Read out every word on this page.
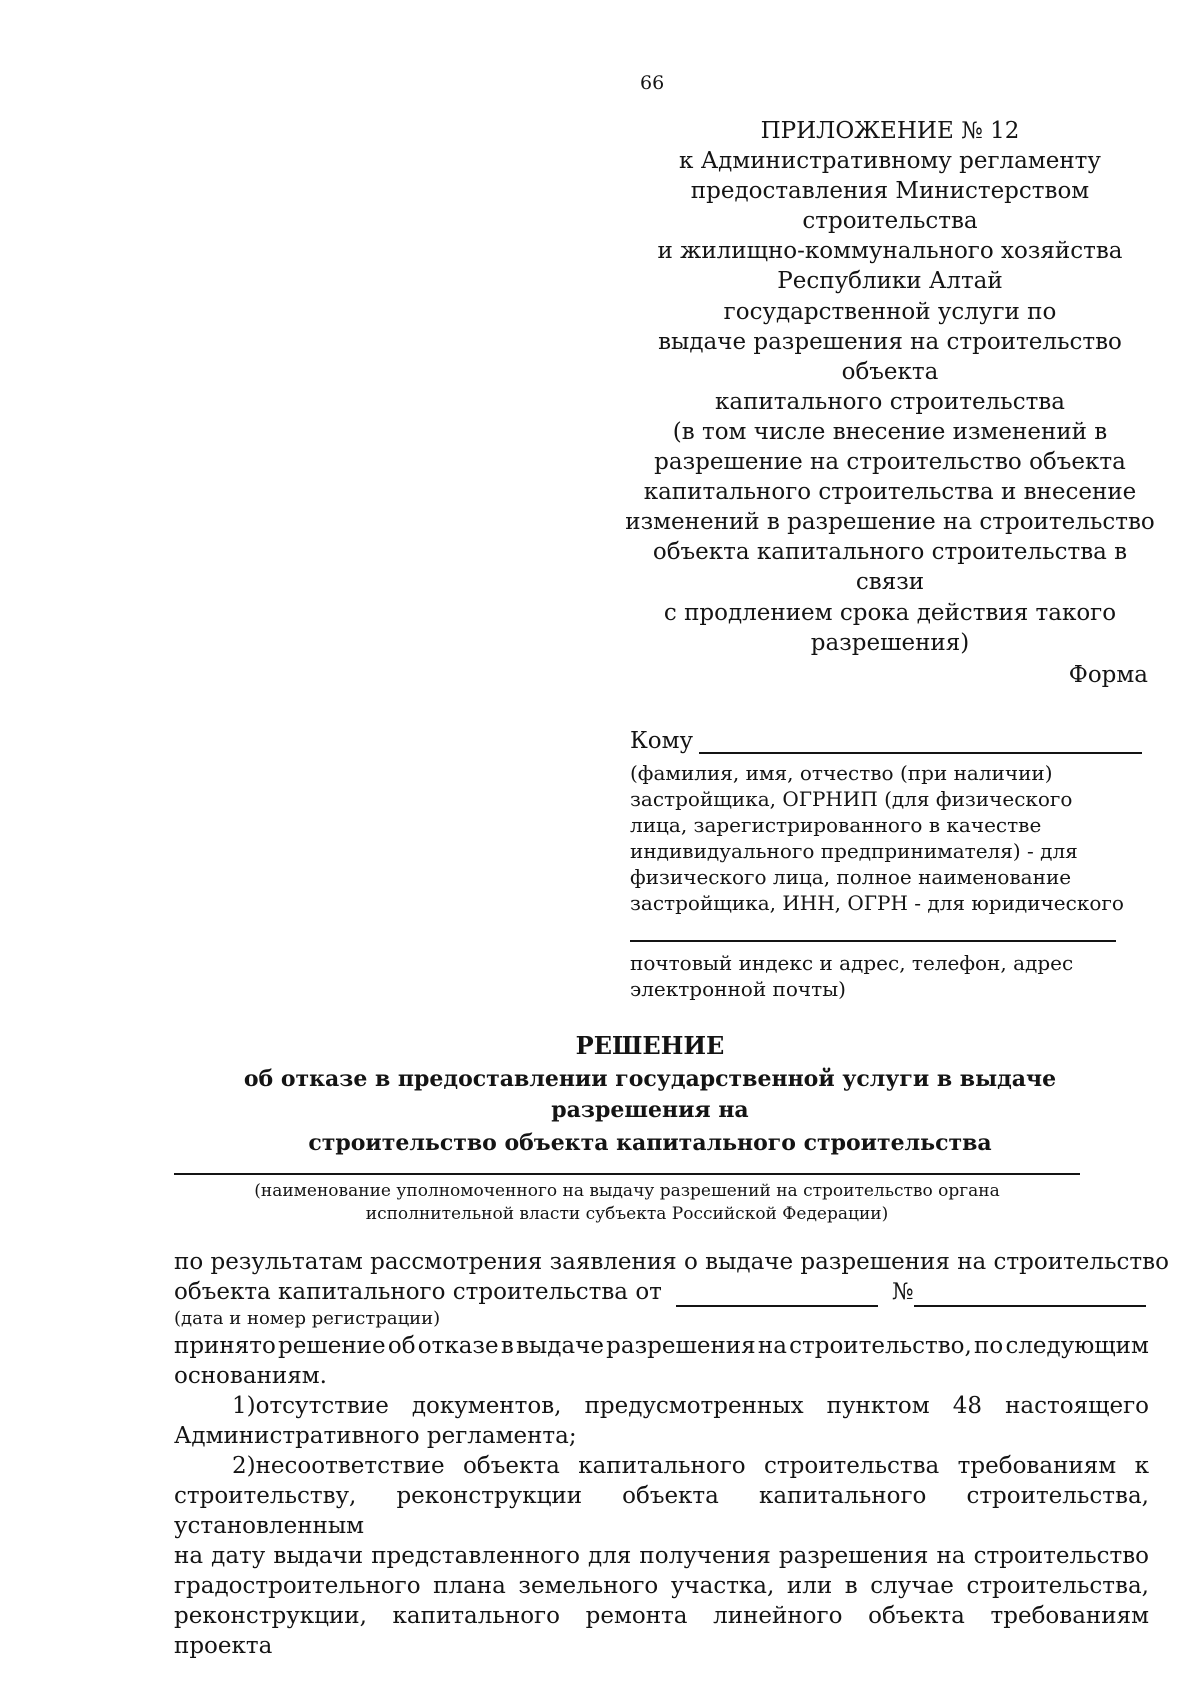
66
ПРИЛОЖЕНИЕ № 12
к Административному регламенту
предоставления Министерством
строительства
и жилищно-коммунального хозяйства
Республики Алтай
государственной услуги по
выдаче разрешения на строительство объекта
капитального строительства
(в том числе внесение изменений в
разрешение на строительство объекта
капитального строительства и внесение
изменений в разрешение на строительство
объекта капитального строительства в связи
с продлением срока действия такого
разрешения)
Форма
Кому
(фамилия, имя, отчество (при наличии)
застройщика, ОГРНИП (для физического
лица, зарегистрированного в качестве
индивидуального предпринимателя) - для
физического лица, полное наименование
застройщика, ИНН, ОГРН - для юридического
почтовый индекс и адрес, телефон, адрес
электронной почты)
РЕШЕНИЕ
об отказе в предоставлении государственной услуги в выдаче разрешения на
строительство объекта капитального строительства
(наименование уполномоченного на выдачу разрешений на строительство органа
исполнительной власти субъекта Российской Федерации)
по результатам рассмотрения заявления о выдаче разрешения на строительство
объекта капитального строительства от	№
(дата и номер регистрации)
принято решение об отказе в выдаче разрешения на строительство, по следующим
основаниям.
1)отсутствие документов, предусмотренных пунктом 48 настоящего
Административного регламента;
2)несоответствие объекта капитального строительства требованиям к
строительству, реконструкции объекта капитального строительства, установленным
на дату выдачи представленного для получения разрешения на строительство
градостроительного плана земельного участка, или в случае строительства,
реконструкции, капитального ремонта линейного объекта требованиям проекта
